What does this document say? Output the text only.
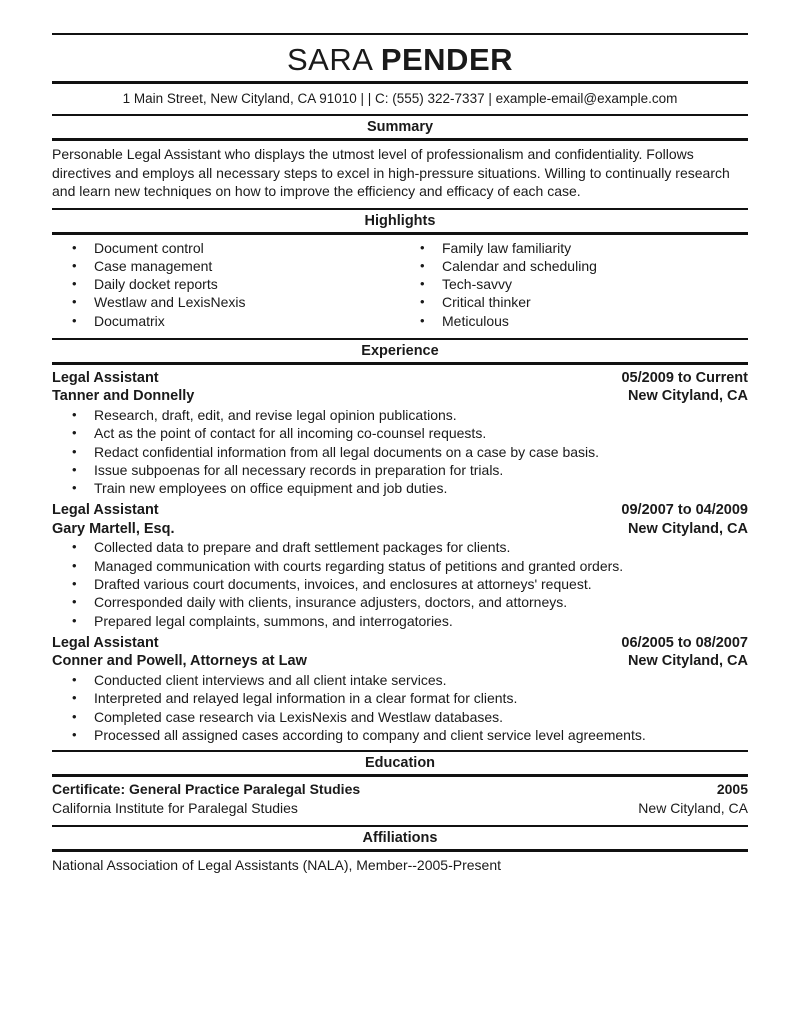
SARA PENDER
1 Main Street, New Cityland, CA 91010 | | C: (555) 322-7337 | example-email@example.com
Summary
Personable Legal Assistant who displays the utmost level of professionalism and confidentiality. Follows directives and employs all necessary steps to excel in high-pressure situations. Willing to continually research and learn new techniques on how to improve the efficiency and efficacy of each case.
Highlights
• Document control
• Case management
• Daily docket reports
• Westlaw and LexisNexis
• Documatrix
• Family law familiarity
• Calendar and scheduling
• Tech-savvy
• Critical thinker
• Meticulous
Experience
Legal Assistant	05/2009 to Current
Tanner and Donnelly	New Cityland, CA
• Research, draft, edit, and revise legal opinion publications.
• Act as the point of contact for all incoming co-counsel requests.
• Redact confidential information from all legal documents on a case by case basis.
• Issue subpoenas for all necessary records in preparation for trials.
• Train new employees on office equipment and job duties.
Legal Assistant	09/2007 to 04/2009
Gary Martell, Esq.	New Cityland, CA
• Collected data to prepare and draft settlement packages for clients.
• Managed communication with courts regarding status of petitions and granted orders.
• Drafted various court documents, invoices, and enclosures at attorneys' request.
• Corresponded daily with clients, insurance adjusters, doctors, and attorneys.
• Prepared legal complaints, summons, and interrogatories.
Legal Assistant	06/2005 to 08/2007
Conner and Powell, Attorneys at Law	New Cityland, CA
• Conducted client interviews and all client intake services.
• Interpreted and relayed legal information in a clear format for clients.
• Completed case research via LexisNexis and Westlaw databases.
• Processed all assigned cases according to company and client service level agreements.
Education
Certificate: General Practice Paralegal Studies	2005
California Institute for Paralegal Studies	New Cityland, CA
Affiliations
National Association of Legal Assistants (NALA), Member--2005-Present
